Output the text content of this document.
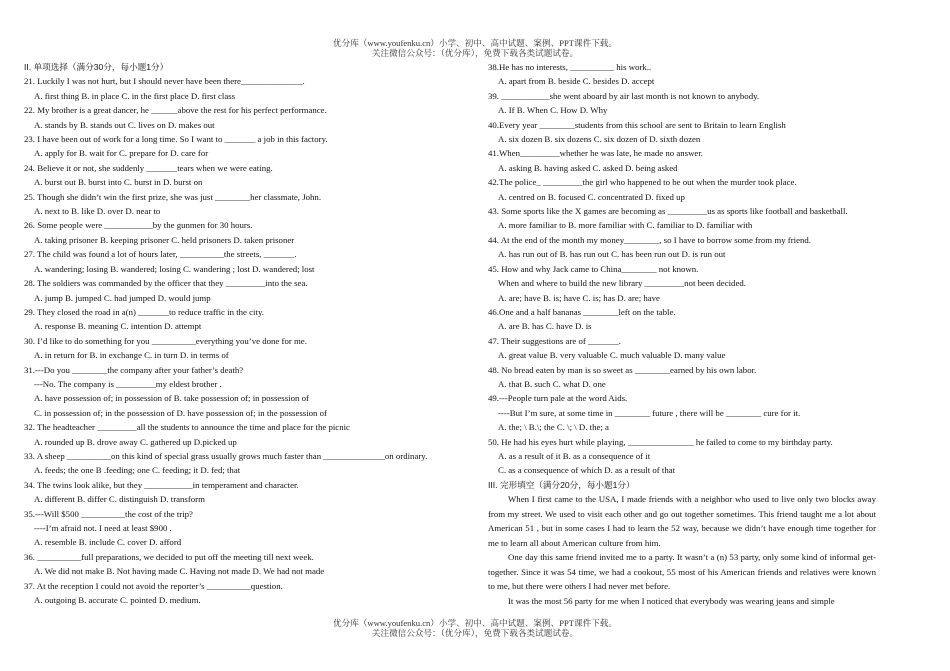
优分库（www.youfenku.cn）小学、初中、高中试题、案例、PPT课件下载。
关注微信公众号：（优分库），免费下载各类试题试卷。
II. 单项选择（满分30分，每小题1分）
21. Luckily I was not hurt, but I should never have been there______________.
A. first thing B. in place C. in the first place D. first class
22. My brother is a great dancer, he ______above the rest for his perfect performance.
A. stands by B. stands out C. lives on D. makes out
23. I have been out of work for a long time. So I want to _______ a job in this factory.
A. apply for B. wait for C. prepare for D. care for
24. Believe it or not, she suddenly _______tears when we were eating.
A. burst out B. burst into C. burst in D. burst on
25. Though she didn’t win the first prize, she was just ________her classmate, John.
A. next to B. like D. over D. near to
26. Some people were ___________by the gunmen for 30 hours.
A. taking prisoner B. keeping prisoner C. held prisoners D. taken prisoner
27. The child was found a lot of hours later, __________the streets, _______.
A. wandering; losing B. wandered; losing C. wandering ; lost D. wandered; lost
28. The soldiers was commanded by the officer that they _________into the sea.
A. jump B. jumped C. had jumped D. would jump
29. They closed the road in a(n) _______to reduce traffic in the city.
A. response B. meaning C. intention D. attempt
30. I’d like to do something for you __________everything you’ve done for me.
A. in return for B. in exchange C. in turn D. in terms of
31.---Do you ________the company after your father’s death?
---No. The company is _________my eldest brother .
A. have possession of; in possession of B. take possession of; in possession of
C. in possession of; in the possession of D. have possession of; in the possession of
32. The headteacher _________all the students to announce the time and place for the picnic
A. rounded up B. drove away C. gathered up D.picked up
33. A sheep __________on this kind of special grass usually grows much faster than ______________on ordinary.
A. feeds; the one B .feeding; one C. feeding; it D. fed; that
34. The twins look alike, but they ___________in temperament and character.
A. different B. differ C. distinguish D. transform
35.---Will $500 __________the cost of the trip?
----I’m afraid not. I need at least $900 .
A. resemble B. include C. cover D. afford
36. __________full preparations, we decided to put off the meeting till next week.
A. We did not make B. Not having made C. Having not made D. We had not made
37. At the reception I could not avoid the reporter’s __________question.
A. outgoing B. accurate C. pointed D. medium.
38.He has no interests, __________ his work..
A. apart from B. beside C. besides D. accept
39. ___________she went aboard by air last month is not known to anybody.
A. If B. When C. How D. Why
40.Every year ________students from this school are sent to Britain to learn English
A. six dozen B. six dozens C. six dozen of D. sixth dozen
41.When_________whether he was late, he made no answer.
A. asking B. having asked C. asked D. being asked
42.The police_ _________the girl who happened to be out when the murder took place.
A. centred on B. focused C. concentrated D. fixed up
43. Some sports like the X games are becoming as _________us as sports like football and basketball.
A. more familiar to B. more familiar with C. familiar to D. familiar with
44. At the end of the month my money________, so I have to borrow some from my friend.
A. has run out of B. has run out C. has been run out D. is run out
45. How and why Jack came to China________ not known.
When and where to build the new library _________not been decided.
A. are; have B. is; have C. is; has D. are; have
46.One and a half bananas ________left on the table.
A. are B. has C. have D. is
47. Their suggestions are of _______.
A. great value B. very valuable C. much valuable D. many value
48. No bread eaten by man is so sweet as ________earned by his own labor.
A. that B. such C. what D. one
49.---People turn pale at the word Aids.
----But I’m sure, at some time in ________ future , there will be ________ cure for it.
A. the; \ B.\; the C. \; \ D. the; a
50. He had his eyes hurt while playing, _______________ he failed to come to my birthday party.
A. as a result of it B. as a consequence of it
C. as a consequence of which D. as a result of that
III. 完形填空（满分20分，每小题1分）
When I first came to the USA, I made friends with a neighbor who used to live only two blocks away from my street. We used to visit each other and go out together sometimes. This friend taught me a lot about American 51 , but in some cases I had to learn the 52 way, because we didn’t have enough time together for me to learn all about American culture from him.
One day this same friend invited me to a party. It wasn’t a (n) 53 party, only some kind of informal get-together. Since it was 54 time, we had a cookout, 55 most of his American friends and relatives were known to me, but there were others I had never met before.
It was the most 56 party for me when I noticed that everybody was wearing jeans and simple
优分库（www.youfenku.cn）小学、初中、高中试题、案例、PPT课件下载。
关注微信公众号：（优分库），免费下载各类试题试卷。
